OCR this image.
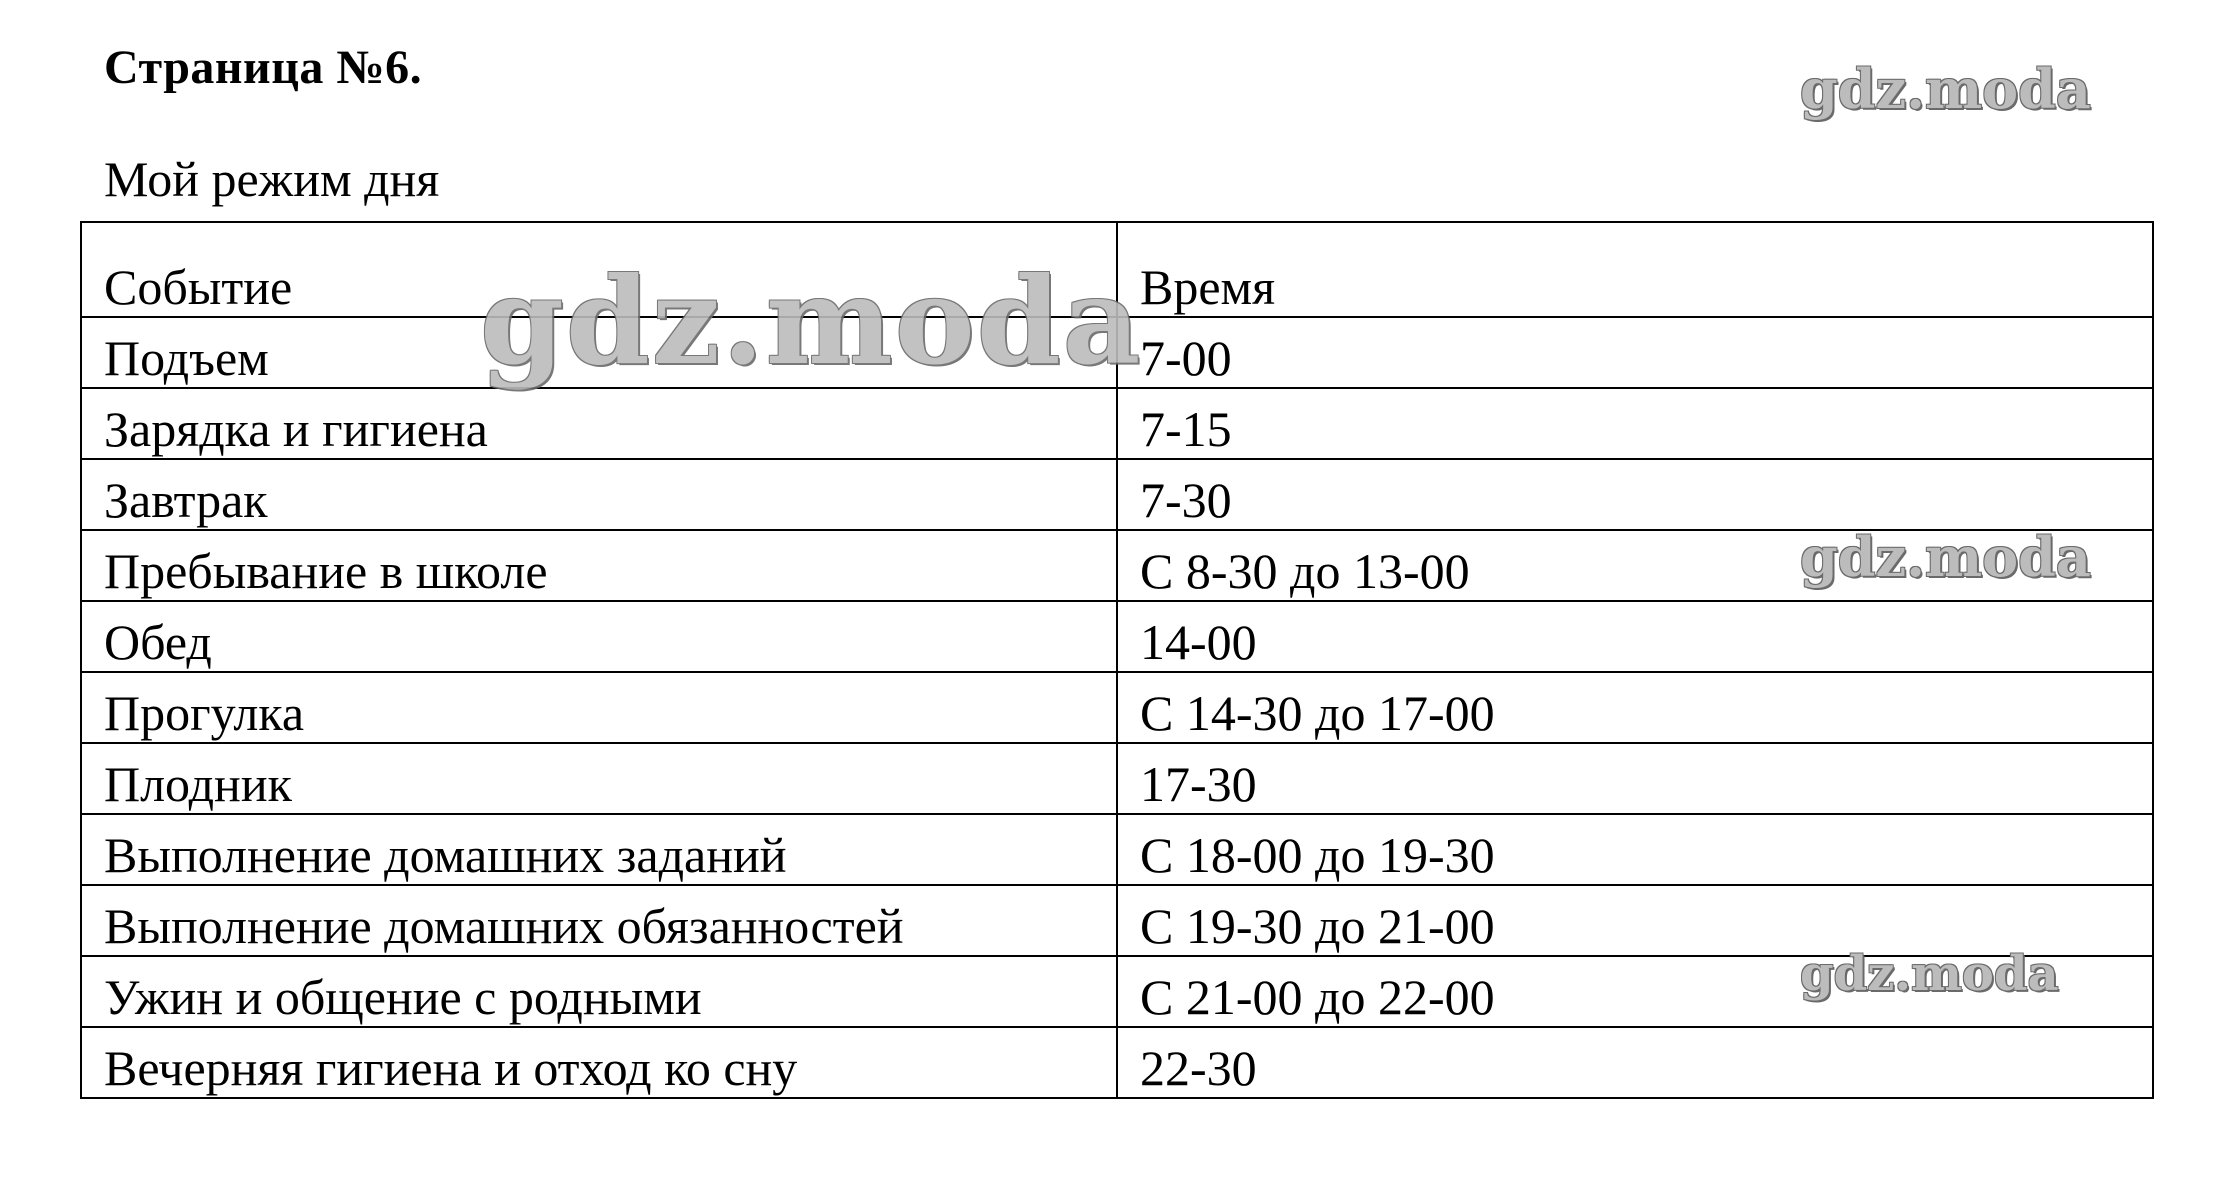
Страница №6.
Мой режим дня
Событие	Время
Подъем	7-00
Зарядка и гигиена	7-15
Завтрак	7-30
Пребывание в школе	С 8-30 до 13-00
Обед	14-00
Прогулка	С 14-30 до 17-00
Плодник	17-30
Выполнение домашних заданий	С 18-00 до 19-30
Выполнение домашних обязанностей	С 19-30 до 21-00
Ужин и общение с родными	С 21-00 до 22-00
Вечерняя гигиена и отход ко сну	22-30
gdz.moda
gdz.moda
gdz.moda
gdz.moda
